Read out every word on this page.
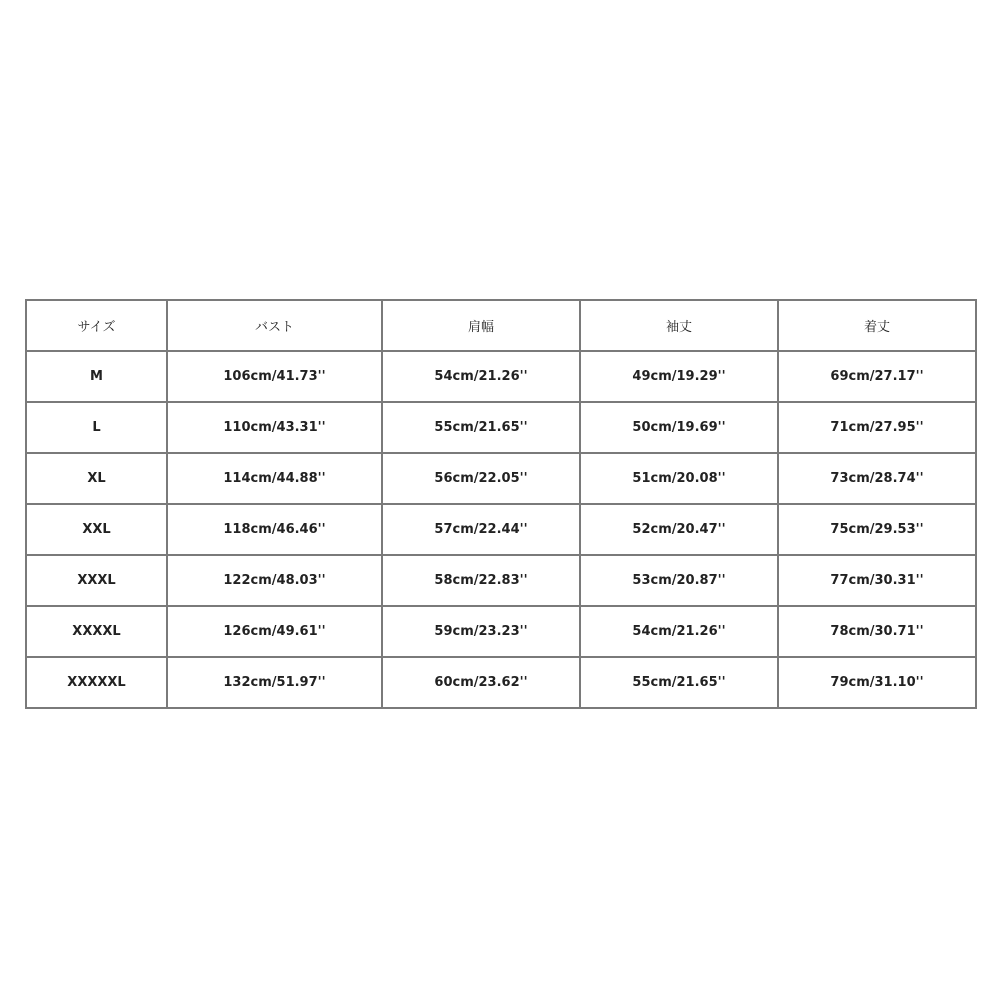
サイズ	バスト	肩幅	袖丈	着丈
M	106cm/41.73''	54cm/21.26''	49cm/19.29''	69cm/27.17''
L	110cm/43.31''	55cm/21.65''	50cm/19.69''	71cm/27.95''
XL	114cm/44.88''	56cm/22.05''	51cm/20.08''	73cm/28.74''
XXL	118cm/46.46''	57cm/22.44''	52cm/20.47''	75cm/29.53''
XXXL	122cm/48.03''	58cm/22.83''	53cm/20.87''	77cm/30.31''
XXXXL	126cm/49.61''	59cm/23.23''	54cm/21.26''	78cm/30.71''
XXXXXL	132cm/51.97''	60cm/23.62''	55cm/21.65''	79cm/31.10''
